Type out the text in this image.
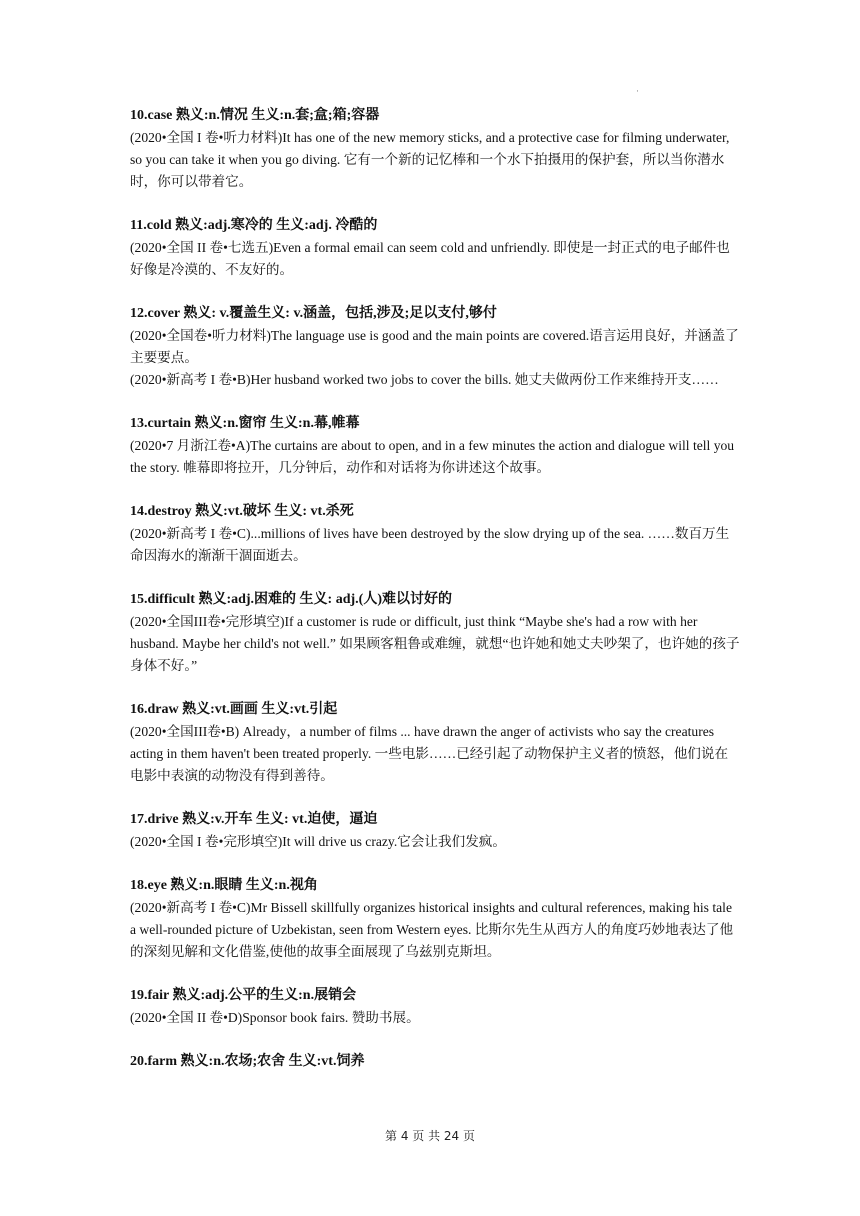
·
10.case 熟义:n.情况 生义:n.套;盒;箱;容器

(2020•全国 I 卷•听力材料)It has one of the new memory sticks, and a protective case for filming underwater, so you can take it when you go diving. 它有一个新的记忆棒和一个水下拍摄用的保护套，所以当你潜水时，你可以带着它。

11.cold 熟义:adj.寒冷的 生义:adj. 冷酷的

(2020•全国 II 卷•七选五)Even a formal email can seem cold and unfriendly. 即使是一封正式的电子邮件也好像是冷漠的、不友好的。

12.cover 熟义: v.覆盖生义: v.涵盖，包括,涉及;足以支付,够付

(2020•全国卷•听力材料)The language use is good and the main points are covered.语言运用良好，并涵盖了主要要点。

(2020•新高考 I 卷•B)Her husband worked two jobs to cover the bills. 她丈夫做两份工作来维持开支……

13.curtain 熟义:n.窗帘 生义:n.幕,帷幕

(2020•7 月浙江卷•A)The curtains are about to open, and in a few minutes the action and dialogue will tell you the story. 帷幕即将拉开，几分钟后，动作和对话将为你讲述这个故事。

14.destroy 熟义:vt.破坏 生义: vt.杀死

(2020•新高考 I 卷•C)...millions of lives have been destroyed by the slow drying up of the sea. ……数百万生命因海水的渐渐干涸面逝去。

15.difficult 熟义:adj.困难的 生义: adj.(人)难以讨好的

(2020•全国III卷•完形填空)If a customer is rude or difficult, just think “Maybe she's had a row with her husband. Maybe her child's not well.” 如果顾客粗鲁或难缠，就想“也许她和她丈夫吵架了，也许她的孩子身体不好。”

16.draw 熟义:vt.画画 生义:vt.引起

(2020•全国III卷•B) Already，a number of films ... have drawn the anger of activists who say the creatures acting in them haven't been treated properly. 一些电影……已经引起了动物保护主义者的愤怒，他们说在电影中表演的动物没有得到善待。

17.drive 熟义:v.开车 生义: vt.迫使，逼迫

(2020•全国 I 卷•完形填空)It will drive us crazy.它会让我们发疯。

18.eye 熟义:n.眼睛 生义:n.视角

(2020•新高考 I 卷•C)Mr Bissell skillfully organizes historical insights and cultural references, making his tale a well-rounded picture of Uzbekistan, seen from Western eyes. 比斯尔先生从西方人的角度巧妙地表达了他的深刻见解和文化借鉴,使他的故事全面展现了乌兹别克斯坦。

19.fair 熟义:adj.公平的生义:n.展销会

(2020•全国 II 卷•D)Sponsor book fairs. 赞助书展。

20.farm 熟义:n.农场;农舍 生义:vt.饲养
第 4 页 共 24 页
